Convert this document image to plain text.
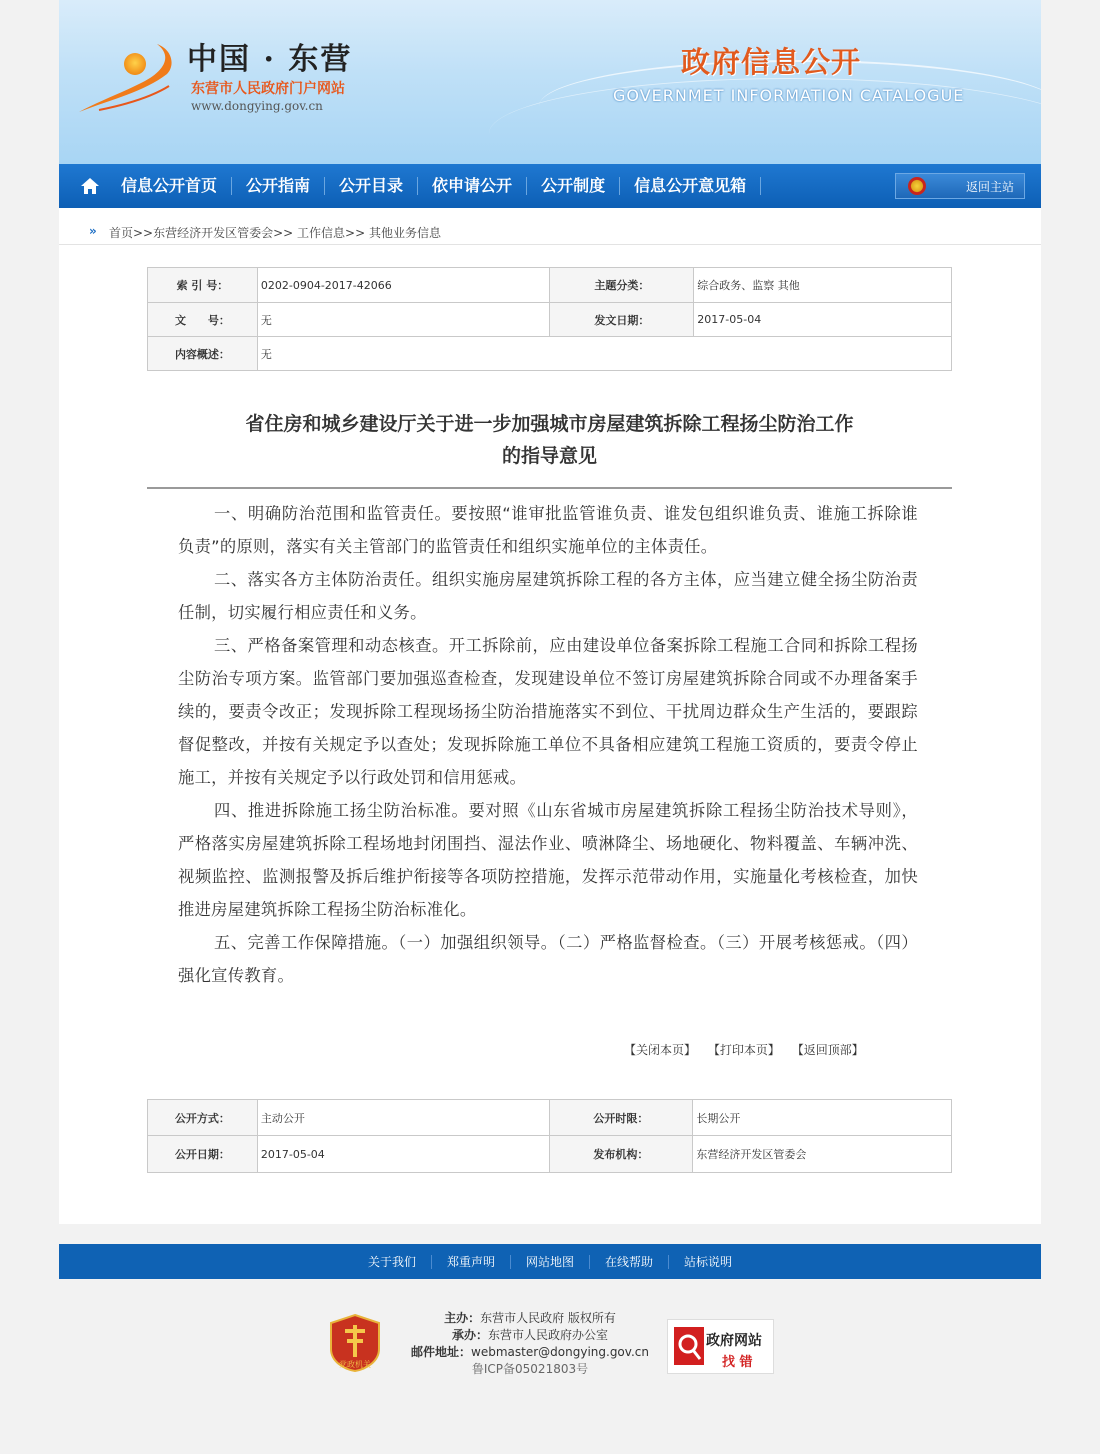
中国 · 东营
东营市人民政府门户网站
www.dongying.gov.cn
政府信息公开
GOVERNMET INFORMATION CATALOGUE
信息公开首页	公开指南	公开目录	依申请公开	公开制度	信息公开意见箱	返回主站
» 首页>>东营经济开发区管委会>> 工作信息>> 其他业务信息
索 引 号：	0202-0904-2017-42066	主题分类：	综合政务、监察 其他
文　　号：	无	发文日期：	2017-05-04
内容概述：	无		
省住房和城乡建设厅关于进一步加强城市房屋建筑拆除工程扬尘防治工作
的指导意见

一、明确防治范围和监管责任。要按照“谁审批监管谁负责、谁发包组织谁负责、谁施工拆除谁负责”的原则，落实有关主管部门的监管责任和组织实施单位的主体责任。

二、落实各方主体防治责任。组织实施房屋建筑拆除工程的各方主体，应当建立健全扬尘防治责任制，切实履行相应责任和义务。

三、严格备案管理和动态核查。开工拆除前，应由建设单位备案拆除工程施工合同和拆除工程扬尘防治专项方案。监管部门要加强巡查检查，发现建设单位不签订房屋建筑拆除合同或不办理备案手续的，要责令改正；发现拆除工程现场扬尘防治措施落实不到位、干扰周边群众生产生活的，要跟踪督促整改，并按有关规定予以查处；发现拆除施工单位不具备相应建筑工程施工资质的，要责令停止施工，并按有关规定予以行政处罚和信用惩戒。

四、推进拆除施工扬尘防治标准。要对照《山东省城市房屋建筑拆除工程扬尘防治技术导则》，严格落实房屋建筑拆除工程场地封闭围挡、湿法作业、喷淋降尘、场地硬化、物料覆盖、车辆冲洗、视频监控、监测报警及拆后维护衔接等各项防控措施，发挥示范带动作用，实施量化考核检查，加快推进房屋建筑拆除工程扬尘防治标准化。

五、完善工作保障措施。（一）加强组织领导。（二）严格监督检查。（三）开展考核惩戒。（四）强化宣传教育。

【关闭本页】 【打印本页】 【返回顶部】
公开方式：	主动公开	公开时限：	长期公开
公开日期：	2017-05-04	发布机构：	东营经济开发区管委会
关于我们	郑重声明	网站地图	在线帮助	站标说明
党政机关
主办：东营市人民政府 版权所有
承办：东营市人民政府办公室
邮件地址：webmaster@dongying.gov.cn
鲁ICP备05021803号
政府网站
找 错
